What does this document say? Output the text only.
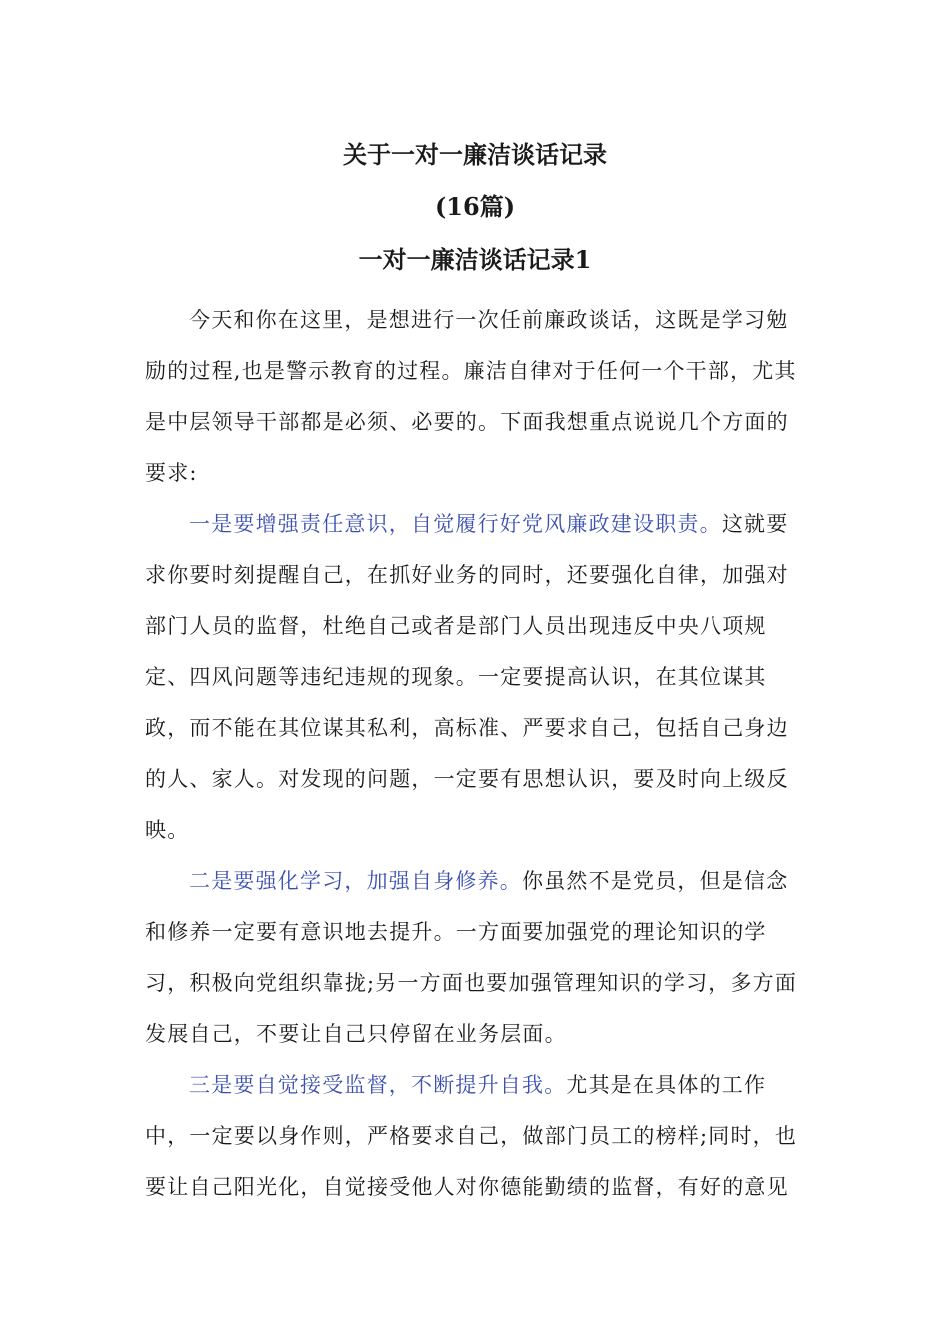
关于一对一廉洁谈话记录
(16篇)
一对一廉洁谈话记录1

今天和你在这里，是想进行一次任前廉政谈话，这既是学习勉励的过程,也是警示教育的过程。廉洁自律对于任何一个干部，尤其是中层领导干部都是必须、必要的。下面我想重点说说几个方面的要求:

一是要增强责任意识，自觉履行好党风廉政建设职责。这就要求你要时刻提醒自己，在抓好业务的同时，还要强化自律，加强对部门人员的监督，杜绝自己或者是部门人员出现违反中央八项规定、四风问题等违纪违规的现象。一定要提高认识，在其位谋其政，而不能在其位谋其私利，高标准、严要求自己，包括自己身边的人、家人。对发现的问题，一定要有思想认识，要及时向上级反映。

二是要强化学习，加强自身修养。你虽然不是党员，但是信念和修养一定要有意识地去提升。一方面要加强党的理论知识的学习，积极向党组织靠拢;另一方面也要加强管理知识的学习，多方面发展自己，不要让自己只停留在业务层面。

三是要自觉接受监督，不断提升自我。尤其是在具体的工作中，一定要以身作则，严格要求自己，做部门员工的榜样;同时，也要让自己阳光化，自觉接受他人对你德能勤绩的监督，有好的意见
